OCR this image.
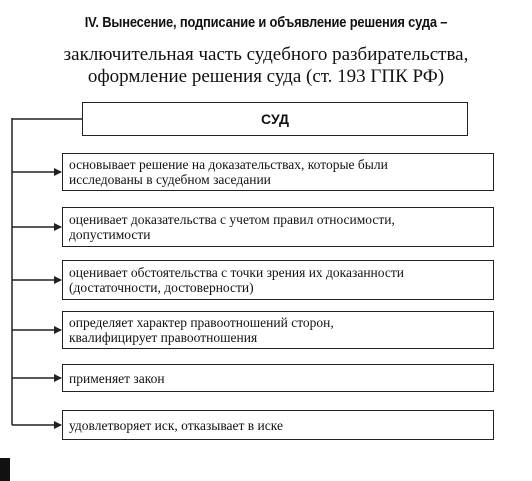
IV. Вынесение, подписание и объявление решения суда –
заключительная часть судебного разбирательства,
оформление решения суда (ст. 193 ГПК РФ)
СУД
основывает решение на доказательствах, которые были
исследованы в судебном заседании
оценивает доказательства с учетом правил относимости,
допустимости
оценивает обстоятельства с точки зрения их доказанности
(достаточности, достоверности)
определяет характер правоотношений сторон,
квалифицирует правоотношения
применяет закон
удовлетворяет иск, отказывает в иске
